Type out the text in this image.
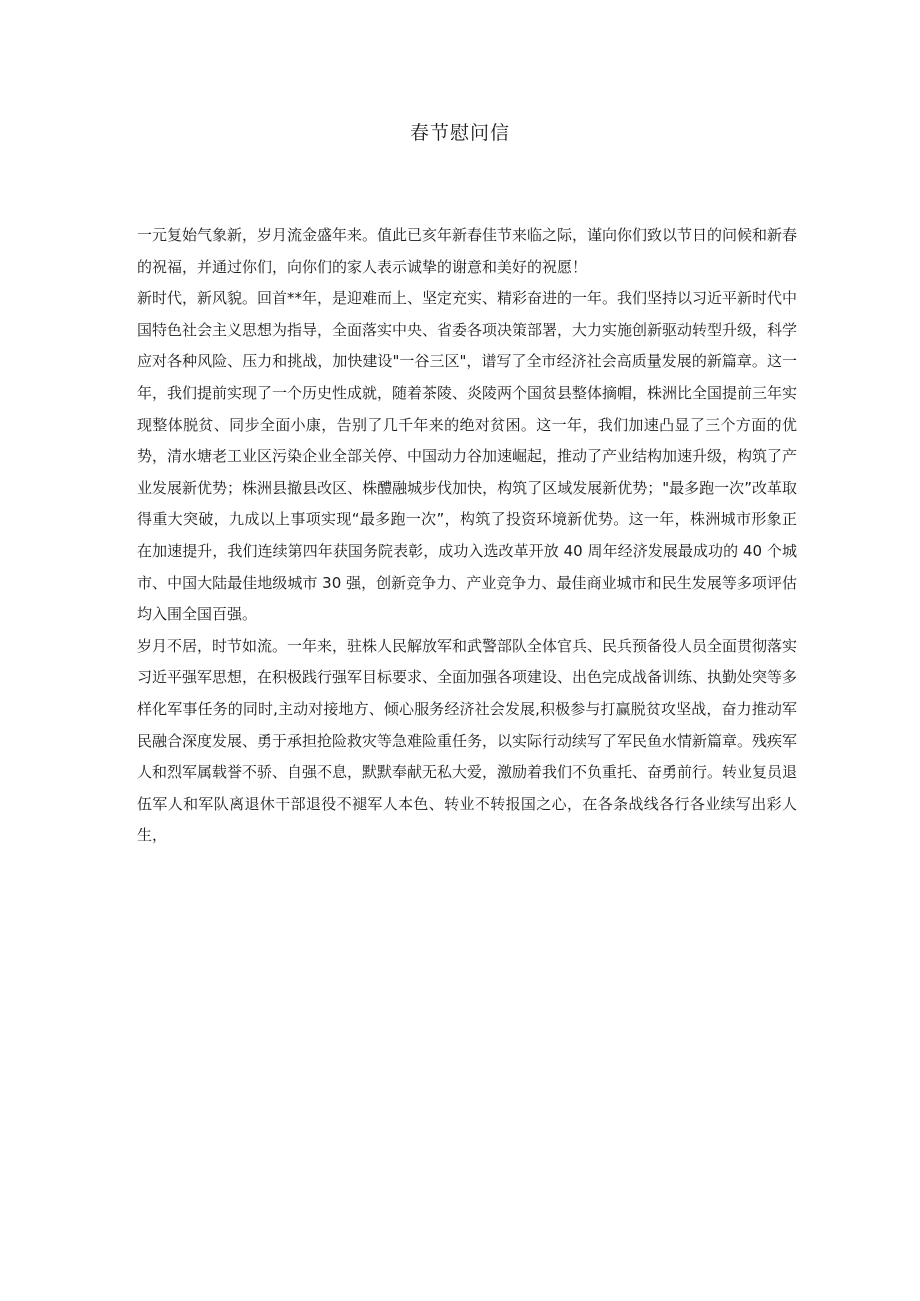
春节慰问信

一元复始气象新，岁月流金盛年来。值此已亥年新春佳节来临之际，谨向你们致以节日的问候和新春的祝福，并通过你们，向你们的家人表示诚挚的谢意和美好的祝愿！

新时代，新风貌。回首**年，是迎难而上、坚定充实、精彩奋进的一年。我们坚持以习近平新时代中国特色社会主义思想为指导，全面落实中央、省委各项决策部署，大力实施创新驱动转型升级，科学应对各种风险、压力和挑战，加快建设"一谷三区"，谱写了全市经济社会高质量发展的新篇章。这一年，我们提前实现了一个历史性成就，随着茶陵、炎陵两个国贫县整体摘帽，株洲比全国提前三年实现整体脱贫、同步全面小康，告别了几千年来的绝对贫困。这一年，我们加速凸显了三个方面的优势，清水塘老工业区污染企业全部关停、中国动力谷加速崛起，推动了产业结构加速升级，构筑了产业发展新优势；株洲县撤县改区、株醴融城步伐加快，构筑了区域发展新优势；"最多跑一次”改革取得重大突破，九成以上事项实现“最多跑一次”，构筑了投资环境新优势。这一年，株洲城市形象正在加速提升，我们连续第四年获国务院表彰，成功入选改革开放 40 周年经济发展最成功的 40 个城市、中国大陆最佳地级城市 30 强，创新竞争力、产业竞争力、最佳商业城市和民生发展等多项评估均入围全国百强。

岁月不居，时节如流。一年来，驻株人民解放军和武警部队全体官兵、民兵预备役人员全面贯彻落实习近平强军思想，在积极践行强军目标要求、全面加强各项建设、出色完成战备训练、执勤处突等多样化军事任务的同时,主动对接地方、倾心服务经济社会发展,积极参与打赢脱贫攻坚战，奋力推动军民融合深度发展、勇于承担抢险救灾等急难险重任务，以实际行动续写了军民鱼水情新篇章。残疾军人和烈军属载誉不骄、自强不息，默默奉献无私大爱，激励着我们不负重托、奋勇前行。转业复员退伍军人和军队离退休干部退役不褪军人本色、转业不转报国之心，在各条战线各行各业续写出彩人生，
